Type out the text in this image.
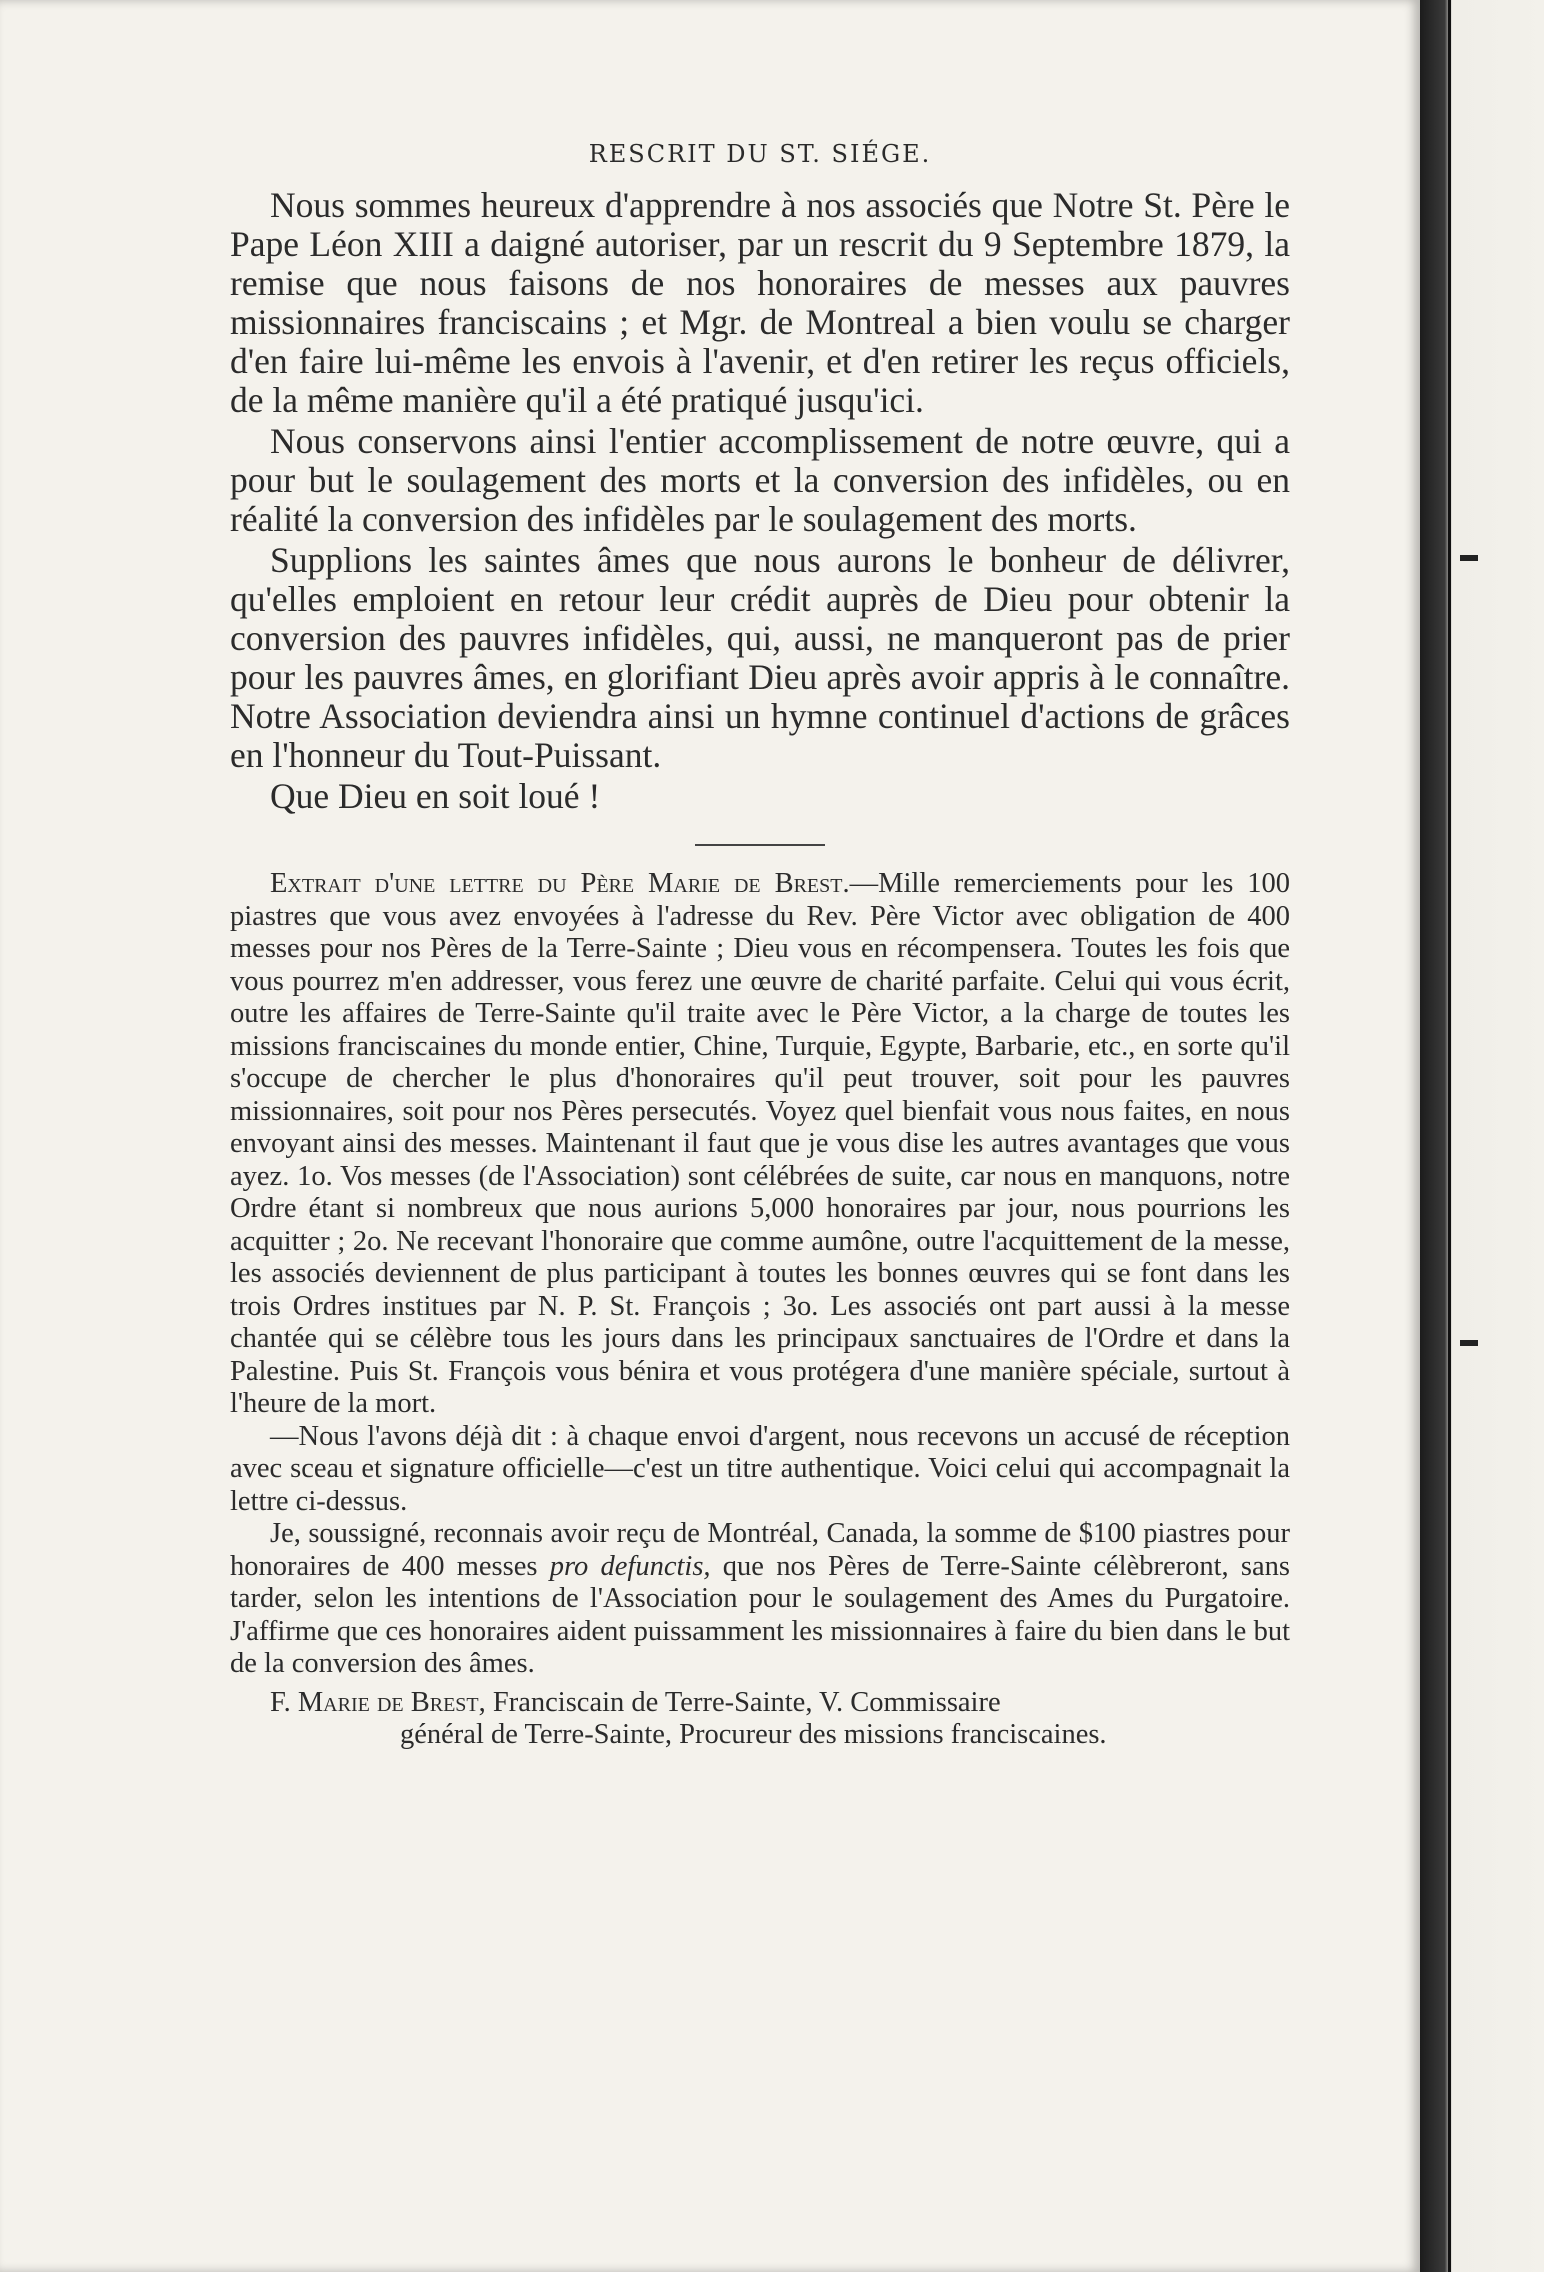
RESCRIT DU ST. SIÉGE.

Nous sommes heureux d'apprendre à nos associés que Notre St. Père le Pape Léon XIII a daigné autoriser, par un rescrit du 9 Septembre 1879, la remise que nous faisons de nos honoraires de messes aux pauvres missionnaires franciscains ; et Mgr. de Montreal a bien voulu se charger d'en faire lui-même les envois à l'avenir, et d'en retirer les reçus officiels, de la même manière qu'il a été pratiqué jusqu'ici.

Nous conservons ainsi l'entier accomplissement de notre œuvre, qui a pour but le soulagement des morts et la conversion des infidèles, ou en réalité la conversion des infidèles par le soulagement des morts.

Supplions les saintes âmes que nous aurons le bonheur de délivrer, qu'elles emploient en retour leur crédit auprès de Dieu pour obtenir la conversion des pauvres infidèles, qui, aussi, ne manqueront pas de prier pour les pauvres âmes, en glorifiant Dieu après avoir appris à le connaître. Notre Association deviendra ainsi un hymne continuel d'actions de grâces en l'honneur du Tout-Puissant.

Que Dieu en soit loué !

Extrait d'une lettre du Père Marie de Brest.—Mille remerciements pour les 100 piastres que vous avez envoyées à l'adresse du Rev. Père Victor avec obligation de 400 messes pour nos Pères de la Terre-Sainte ; Dieu vous en récompensera. Toutes les fois que vous pourrez m'en addresser, vous ferez une œuvre de charité parfaite. Celui qui vous écrit, outre les affaires de Terre-Sainte qu'il traite avec le Père Victor, a la charge de toutes les missions franciscaines du monde entier, Chine, Turquie, Egypte, Barbarie, etc., en sorte qu'il s'occupe de chercher le plus d'honoraires qu'il peut trouver, soit pour les pauvres missionnaires, soit pour nos Pères persecutés. Voyez quel bienfait vous nous faites, en nous envoyant ainsi des messes. Maintenant il faut que je vous dise les autres avantages que vous ayez. 1o. Vos messes (de l'Association) sont célébrées de suite, car nous en manquons, notre Ordre étant si nombreux que nous aurions 5,000 honoraires par jour, nous pourrions les acquitter ; 2o. Ne recevant l'honoraire que comme aumône, outre l'acquittement de la messe, les associés deviennent de plus participant à toutes les bonnes œuvres qui se font dans les trois Ordres institues par N. P. St. François ; 3o. Les associés ont part aussi à la messe chantée qui se célèbre tous les jours dans les principaux sanctuaires de l'Ordre et dans la Palestine. Puis St. François vous bénira et vous protégera d'une manière spéciale, surtout à l'heure de la mort.

—Nous l'avons déjà dit : à chaque envoi d'argent, nous recevons un accusé de réception avec sceau et signature officielle—c'est un titre authentique. Voici celui qui accompagnait la lettre ci-dessus.

Je, soussigné, reconnais avoir reçu de Montréal, Canada, la somme de $100 piastres pour honoraires de 400 messes pro defunctis, que nos Pères de Terre-Sainte célèbreront, sans tarder, selon les intentions de l'Association pour le soulagement des Ames du Purgatoire. J'affirme que ces honoraires aident puissamment les missionnaires à faire du bien dans le but de la conversion des âmes.

F. Marie de Brest, Franciscain de Terre-Sainte, V. Commissaire
général de Terre-Sainte, Procureur des missions franciscaines.
